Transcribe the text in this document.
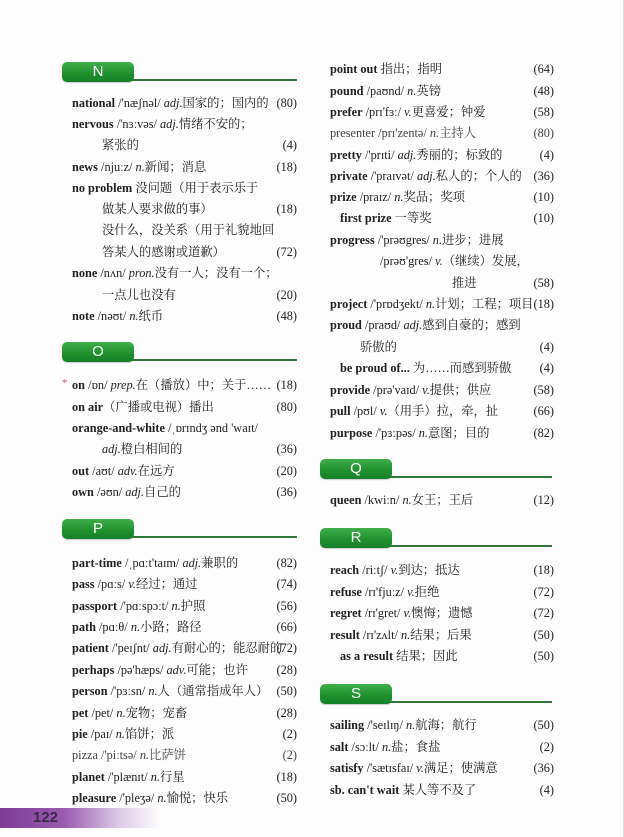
N
national /'næʃnəl/ adj.国家的；国内的 (80)
nervous /'nɜːvəs/ adj.情绪不安的；
紧张的	(4)
news /njuːz/ n.新闻；消息	(18)
no problem 没问题（用于表示乐于
做某人要求做的事）	(18)
没什么，没关系（用于礼貌地回
答某人的感谢或道歉）	(72)
none /nʌn/ pron.没有一人；没有一个；
一点儿也没有	(20)
note /nəʊt/ n.纸币	(48)
O
* on /ɒn/ prep.在（播放）中；关于…… (18)
on air（广播或电视）播出	(80)
orange-and-white /ˌɒrɪndʒ ənd 'waɪt/
adj.橙白相间的	(36)
out /aʊt/ adv.在远方	(20)
own /əʊn/ adj.自己的	(36)
P
part-time /ˌpɑːt'taɪm/ adj.兼职的	(82)
pass /pɑːs/ v.经过；通过	(74)
passport /'pɑːspɔːt/ n.护照	(56)
path /pɑːθ/ n.小路；路径	(66)
patient /'peɪʃnt/ adj.有耐心的；能忍耐的
(72)
perhaps /pə'hæps/ adv.可能；也许 (28)
person /'pɜːsn/ n.人（通常指成年人） (50)
pet /pet/ n.宠物；宠畜	(28)
pie /paɪ/ n.馅饼；派	(2)
pizza /'piːtsə/ n.比萨饼	(2)
planet /'plænɪt/ n.行星	(18)
pleasure /'pleʒə/ n.愉悦；快乐	(50)
point out 指出；指明	(64)
pound /paʊnd/ n.英镑	(48)
prefer /prɪ'fɜː/ v.更喜爱；钟爱	(58)
presenter /prɪ'zentə/ n.主持人	(80)
pretty /'prɪti/ adj.秀丽的；标致的	(4)
private /'praɪvət/ adj.私人的；个人的 (36)
prize /praɪz/ n.奖品；奖项	(10)
first prize 一等奖	(10)
progress /'prəʊgres/ n.进步；进展
/prəʊ'gres/ v.（继续）发展，
推进	(58)
project /'prɒdʒekt/ n.计划；工程；项目 (18)
proud /praʊd/ adj.感到自豪的；感到
骄傲的	(4)
be proud of... 为……而感到骄傲 (4)
provide /prə'vaɪd/ v.提供；供应	(58)
pull /pʊl/ v.（用手）拉，牵，扯	(66)
purpose /'pɜːpəs/ n.意图；目的	(82)
Q
queen /kwiːn/ n.女王；王后	(12)
R
reach /riːtʃ/ v.到达；抵达	(18)
refuse /rɪ'fjuːz/ v.拒绝	(72)
regret /rɪ'gret/ v.懊悔；遗憾	(72)
result /rɪ'zʌlt/ n.结果；后果	(50)
as a result 结果；因此	(50)
S
sailing /'seɪlɪŋ/ n.航海；航行	(50)
salt /sɔːlt/ n.盐；食盐	(2)
satisfy /'sætɪsfaɪ/ v.满足；使满意	(36)
sb. can't wait 某人等不及了	(4)
122
